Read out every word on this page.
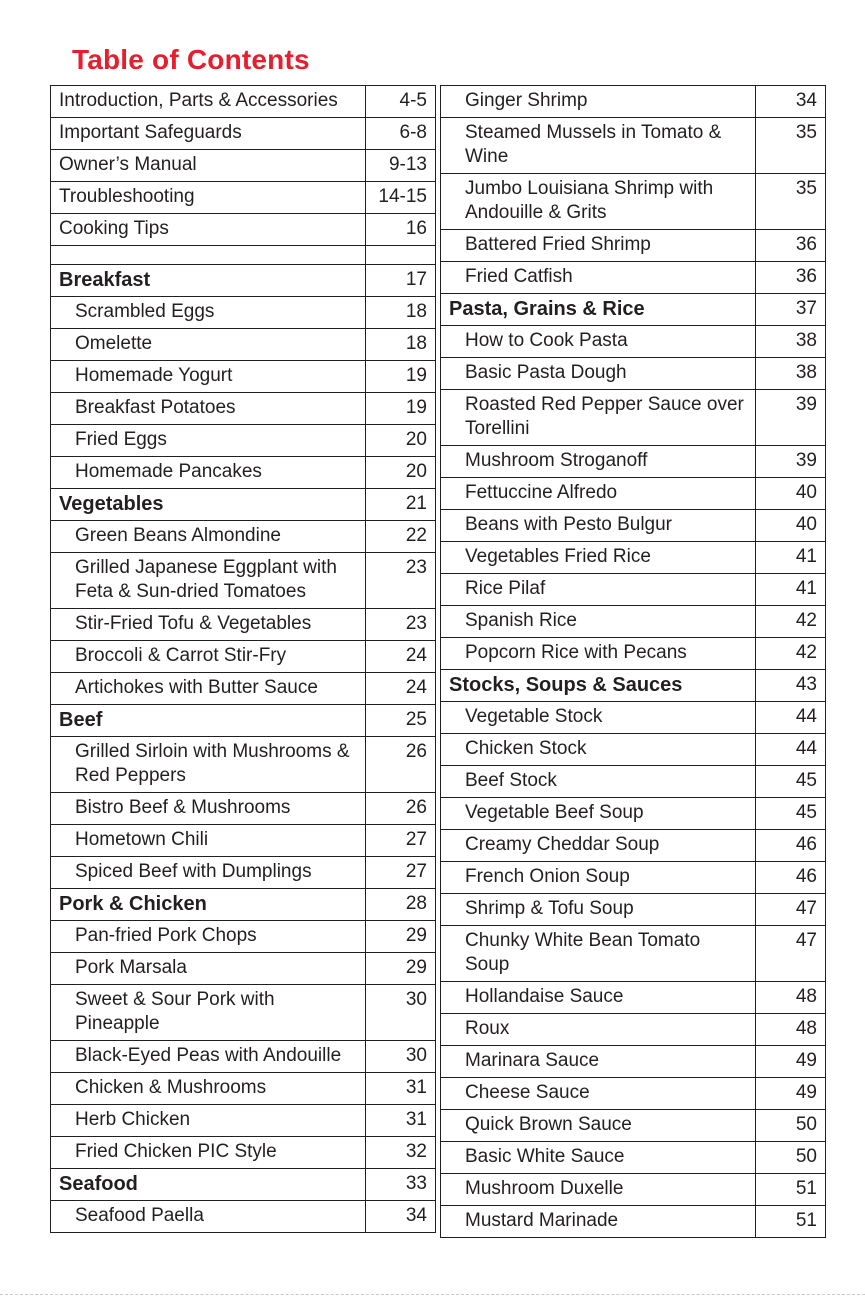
Table of Contents
Introduction, Parts & Accessories	4-5
Important Safeguards	6-8
Owner’s Manual	9-13
Troubleshooting	14-15
Cooking Tips	16

Breakfast	17
Scrambled Eggs	18
Omelette	18
Homemade Yogurt	19
Breakfast Potatoes	19
Fried Eggs	20
Homemade Pancakes	20
Vegetables	21
Green Beans Almondine	22
Grilled Japanese Eggplant with Feta & Sun-dried Tomatoes	23
Stir-Fried Tofu & Vegetables	23
Broccoli & Carrot Stir-Fry	24
Artichokes with Butter Sauce	24
Beef	25
Grilled Sirloin with Mushrooms & Red Peppers	26
Bistro Beef & Mushrooms	26
Hometown Chili	27
Spiced Beef with Dumplings	27
Pork & Chicken	28
Pan-fried Pork Chops	29
Pork Marsala	29
Sweet & Sour Pork with Pineapple	30
Black-Eyed Peas with Andouille	30
Chicken & Mushrooms	31
Herb Chicken	31
Fried Chicken PIC Style	32
Seafood	33
Seafood Paella	34
Ginger Shrimp	34
Steamed Mussels in Tomato & Wine	35
Jumbo Louisiana Shrimp with Andouille & Grits	35
Battered Fried Shrimp	36
Fried Catfish	36
Pasta, Grains & Rice	37
How to Cook Pasta	38
Basic Pasta Dough	38
Roasted Red Pepper Sauce over Torellini	39
Mushroom Stroganoff	39
Fettuccine Alfredo	40
Beans with Pesto Bulgur	40
Vegetables Fried Rice	41
Rice Pilaf	41
Spanish Rice	42
Popcorn Rice with Pecans	42
Stocks, Soups & Sauces	43
Vegetable Stock	44
Chicken Stock	44
Beef Stock	45
Vegetable Beef Soup	45
Creamy Cheddar Soup	46
French Onion Soup	46
Shrimp & Tofu Soup	47
Chunky White Bean Tomato Soup	47
Hollandaise Sauce	48
Roux	48
Marinara Sauce	49
Cheese Sauce	49
Quick Brown Sauce	50
Basic White Sauce	50
Mushroom Duxelle	51
Mustard Marinade	51
